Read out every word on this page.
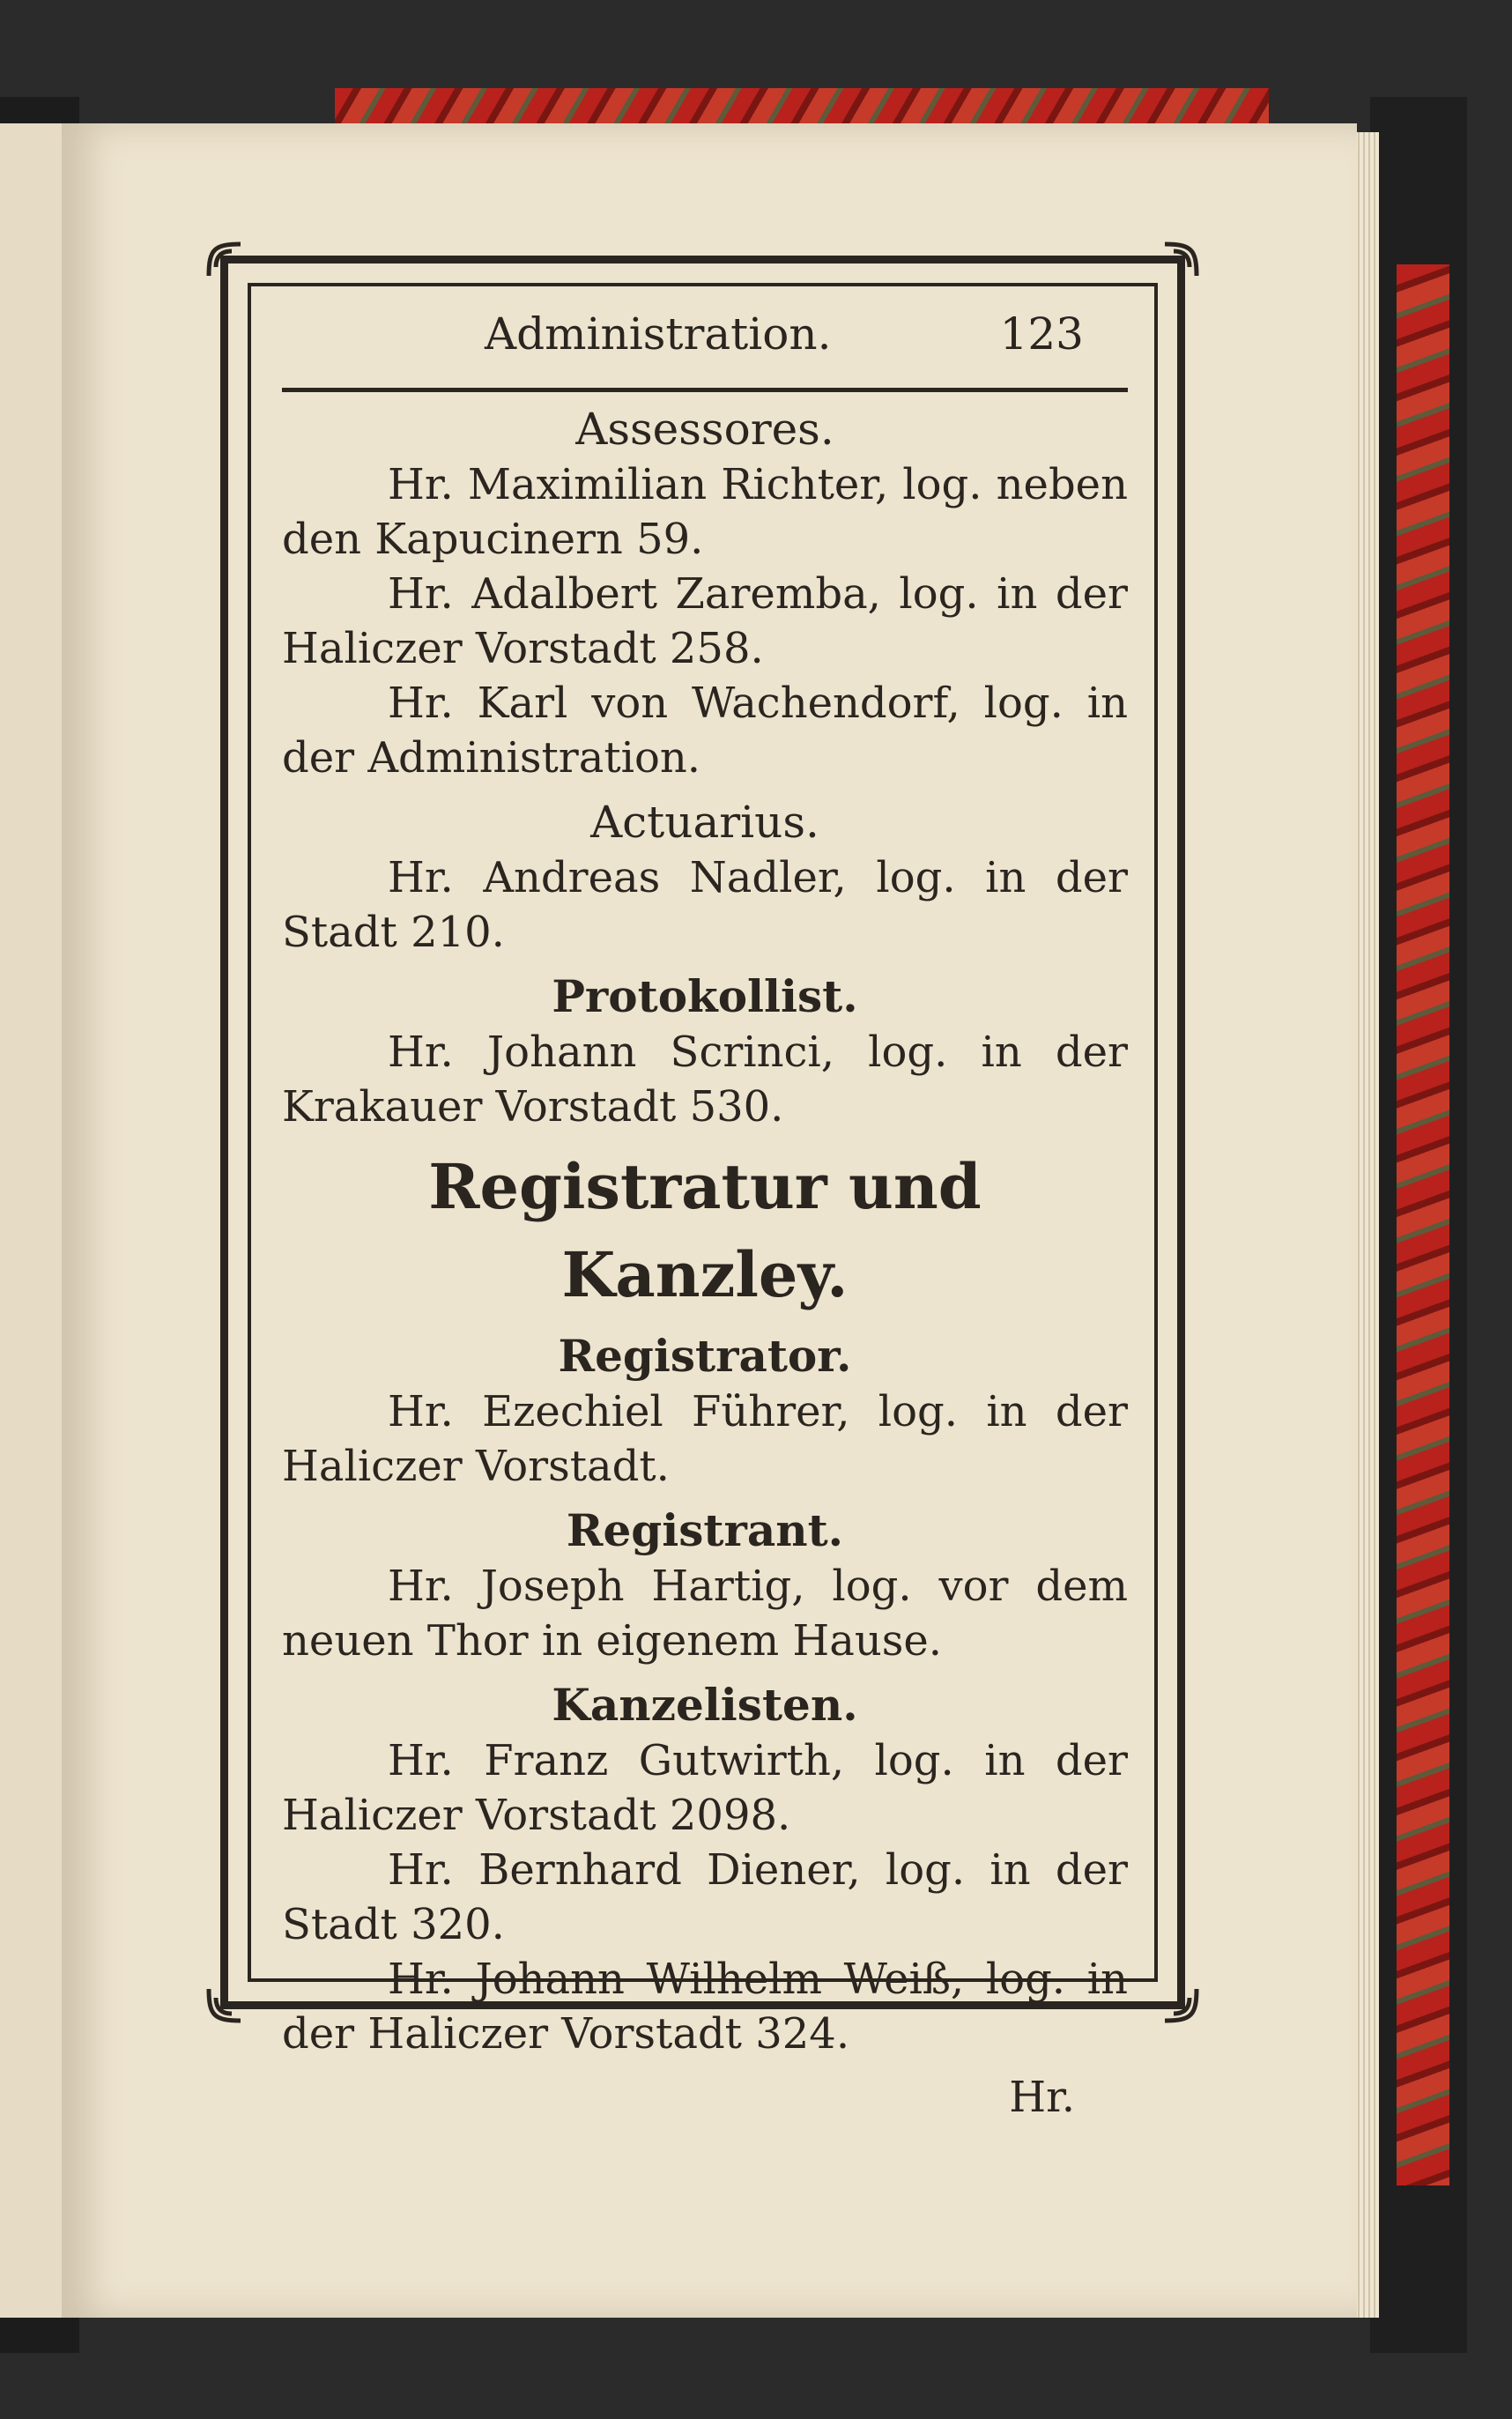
Administration.	123
Assessores.
Hr. Maximilian Richter, log. neben den Kapucinern 59.
Hr. Adalbert Zaremba, log. in der Haliczer Vorstadt 258.
Hr. Karl von Wachendorf, log. in der Administration.
Actuarius.
Hr. Andreas Nadler, log. in der Stadt 210.
Protokollist.
Hr. Johann Scrinci, log. in der Krakauer Vorstadt 530.
Registratur und Kanzley.
Registrator.
Hr. Ezechiel Führer, log. in der Haliczer Vorstadt.
Registrant.
Hr. Joseph Hartig, log. vor dem neuen Thor in eigenem Hause.
Kanzelisten.
Hr. Franz Gutwirth, log. in der Haliczer Vorstadt 2098.
Hr. Bernhard Diener, log. in der Stadt 320.
Hr. Johann Wilhelm Weiß, log. in der Haliczer Vorstadt 324.
Hr.
